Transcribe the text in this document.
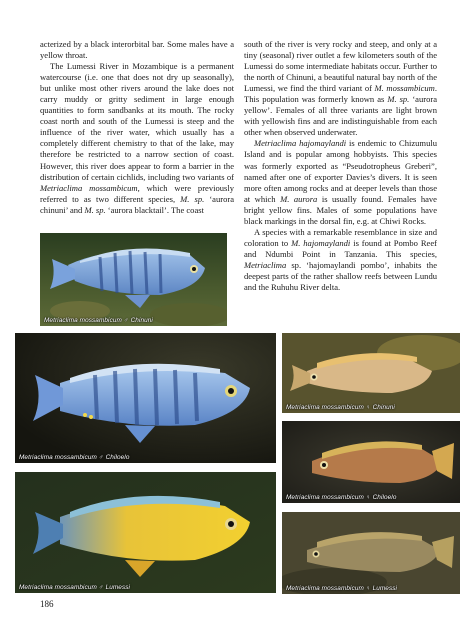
acterized by a black interorbital bar. Some males have a yellow throat.

The Lumessi River in Mozambique is a permanent watercourse (i.e. one that does not dry up seasonally), but unlike most other rivers around the lake does not carry muddy or gritty sediment in large enough quantities to form sandbanks at its mouth. The rocky coast north and south of the Lumessi is steep and the influence of the river water, which usually has a completely different chemistry to that of the lake, may therefore be restricted to a narrow section of coast. However, this river does appear to form a barrier in the distribution of certain cichlids, including two variants of Metriaclima mossambicum, which were previously referred to as two different species, M. sp. ‘aurora chinuni’ and M. sp. ‘aurora blacktail’. The coast

south of the river is very rocky and steep, and only at a tiny (seasonal) river outlet a few kilometers south of the Lumessi do some intermediate habitats occur. Further to the north of Chinuni, a beautiful natural bay north of the Lumessi, we find the third variant of M. mossambicum. This population was formerly known as M. sp. ‘aurora yellow’. Females of all three variants are light brown with yellowish fins and are indistinguishable from each other when observed underwater.

Metriaclima hajomaylandi is endemic to Chizumulu Island and is popular among hobbyists. This species was formerly exported as “Pseudotropheus Greberi”, named after one of exporter Davies’s divers. It is seen more often among rocks and at deeper levels than those at which M. aurora is usually found. Females have bright yellow fins. Males of some populations have black markings in the dorsal fin, e.g. at Chiwi Rocks.

A species with a remarkable resemblance in size and coloration to M. hajomaylandi is found at Pombo Reef and Ndumbi Point in Tanzania. This species, Metriaclima sp. ‘hajomaylandi pombo’, inhabits the deepest parts of the rather shallow reefs between Lundu and the Ruhuhu River delta.

Metriaclima mossambicum ♂ Chinuni
Metriaclima mossambicum ♂ Chiloelo
Metriaclima mossambicum ♂ Lumessi
Metriaclima mossambicum ♀ Chinuni
Metriaclima mossambicum ♀ Chiloelo
Metriaclima mossambicum ♀ Lumessi
186
